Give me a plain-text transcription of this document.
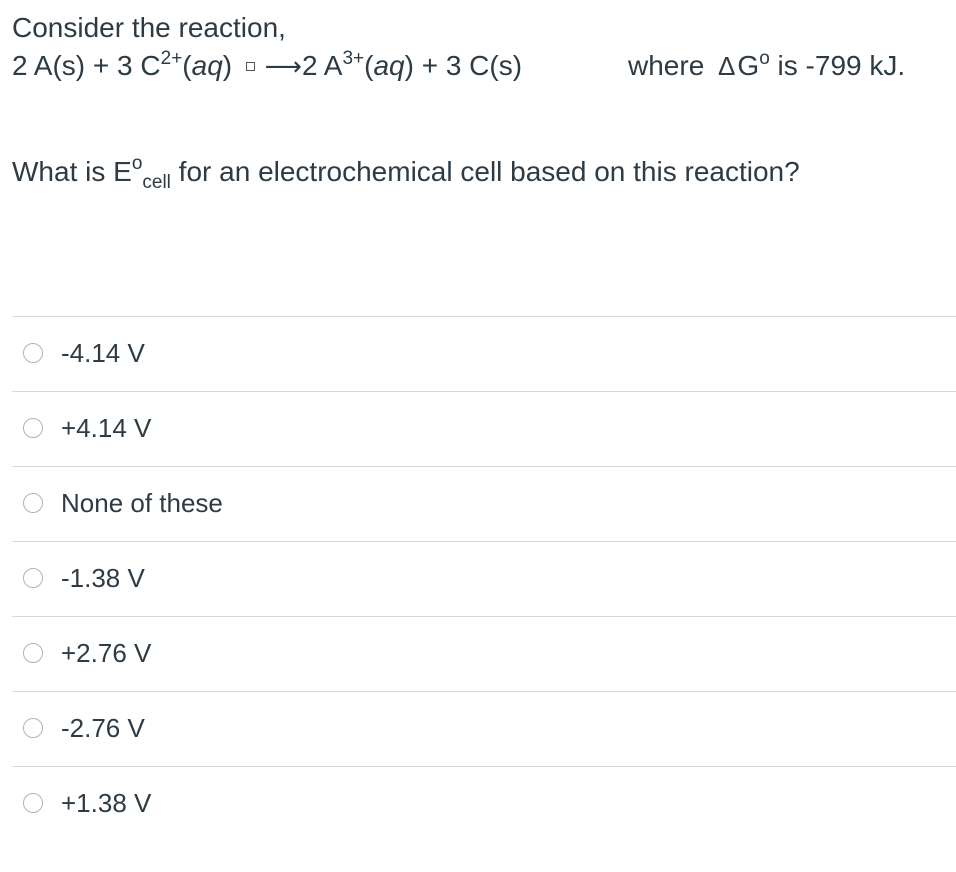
Consider the reaction,

2 A(s) + 3 $C^{2+}(aq)$ ⟶2 $A^{3+}(aq) + 3$ C(s)	where $\Delta G^o$ is -799 kJ.
What is $E^o_{cell}$ for an electrochemical cell based on this reaction?
-4.14 V
+4.14 V
None of these
-1.38 V
+2.76 V
-2.76 V
+1.38 V
